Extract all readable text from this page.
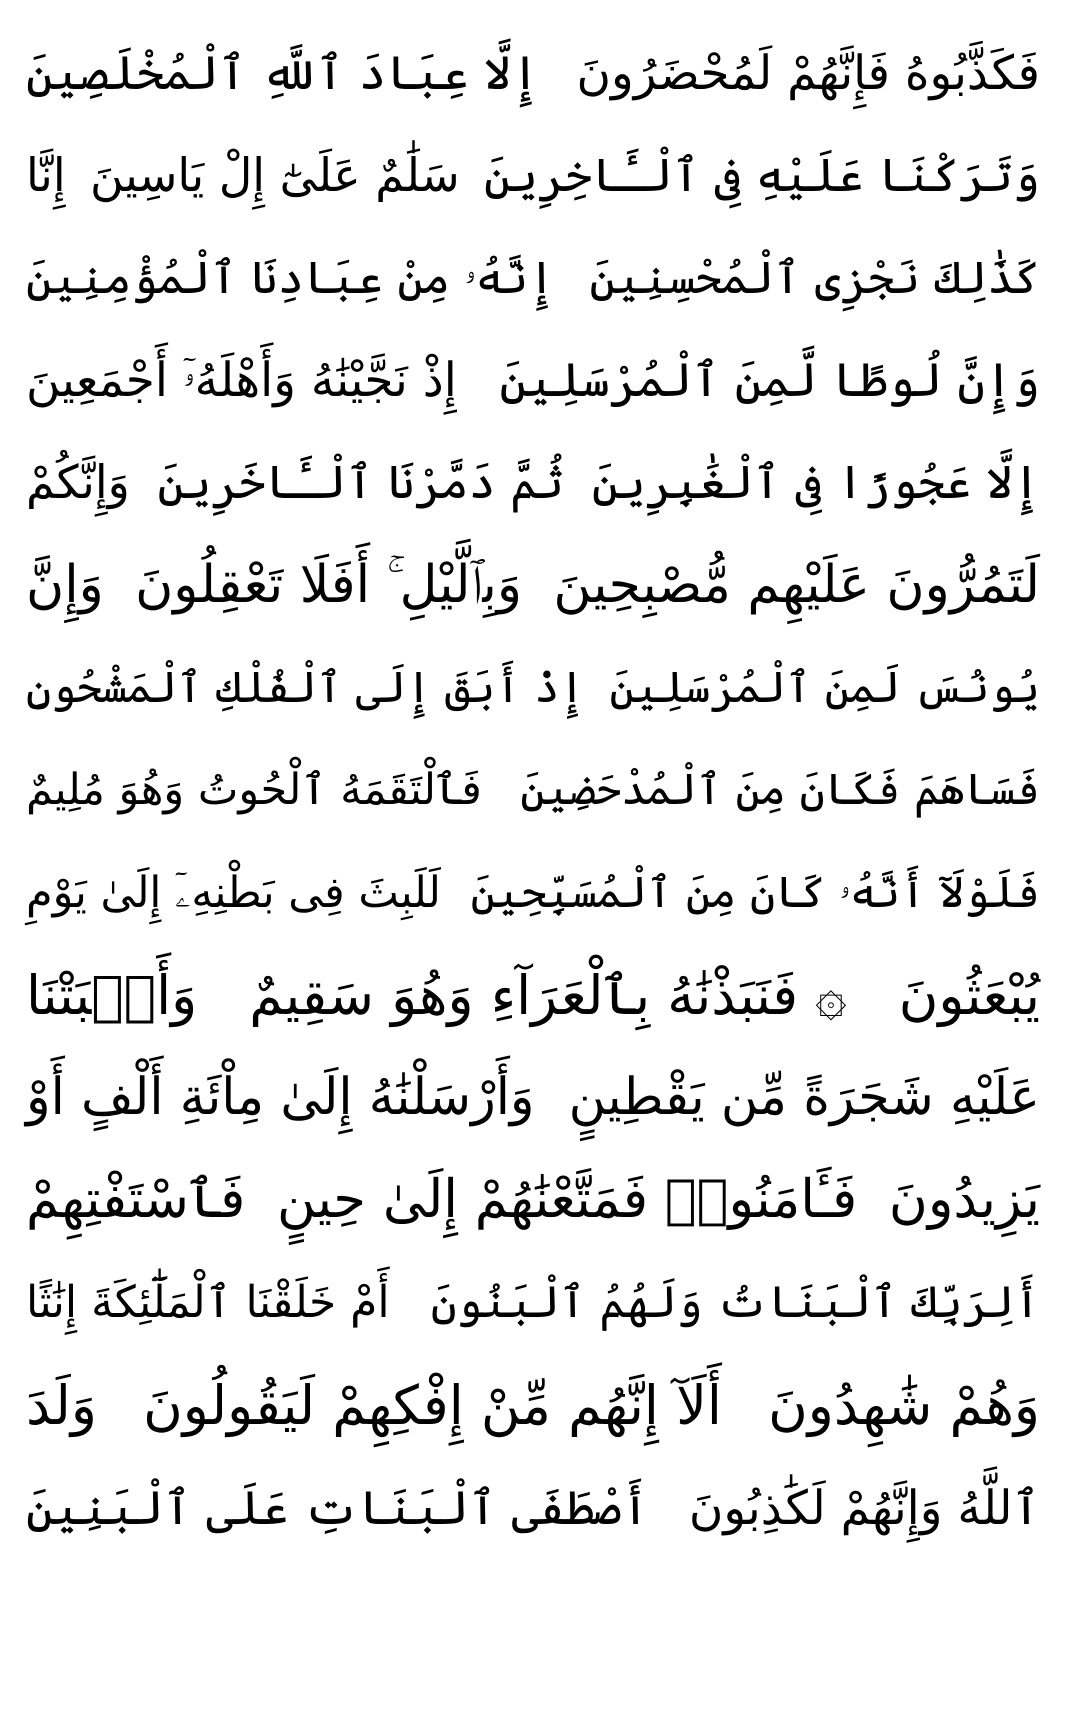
فَكَذَّبُوهُ فَإِنَّهُمْ لَمُحْضَرُونَ
إِلَّا عِبَادَ ٱللَّهِ ٱلْمُخْلَصِينَ
وَتَرَكْنَا عَلَيْهِ فِى ٱلْـَٔاخِرِينَ
سَلَٰمٌ عَلَىٰٓ إِلْ يَاسِينَ
إِنَّا
كَذَٰلِكَ نَجْزِى ٱلْمُحْسِنِينَ
إِنَّهُۥ مِنْ عِبَادِنَا ٱلْمُؤْمِنِينَ
وَإِنَّ لُوطًا لَّمِنَ ٱلْمُرْسَلِينَ
إِذْ نَجَّيْنَٰهُ وَأَهْلَهُۥٓ أَجْمَعِينَ
إِلَّا عَجُوزًا فِى ٱلْغَٰبِرِينَ
ثُمَّ دَمَّرْنَا ٱلْـَٔاخَرِينَ
وَإِنَّكُمْ
لَتَمُرُّونَ عَلَيْهِم مُّصْبِحِينَ
وَبِٱلَّيْلِ ۚ أَفَلَا تَعْقِلُونَ
وَإِنَّ
يُونُسَ لَمِنَ ٱلْمُرْسَلِينَ
إِذْ أَبَقَ إِلَى ٱلْفُلْكِ ٱلْمَشْحُونِ
فَسَاهَمَ فَكَانَ مِنَ ٱلْمُدْحَضِينَ
فَٱلْتَقَمَهُ ٱلْحُوتُ وَهُوَ مُلِيمٌ
فَلَوْلَآ أَنَّهُۥ كَانَ مِنَ ٱلْمُسَبِّحِينَ
لَلَبِثَ فِى بَطْنِهِۦٓ إِلَىٰ يَوْمِ
يُبْعَثُونَ
۞ فَنَبَذْنَٰهُ بِٱلْعَرَآءِ وَهُوَ سَقِيمٌ
وَأَنۢبَتْنَا
عَلَيْهِ شَجَرَةً مِّن يَقْطِينٍ
وَأَرْسَلْنَٰهُ إِلَىٰ مِاْئَةِ أَلْفٍ أَوْ
يَزِيدُونَ
فَـَٔامَنُوا۟ فَمَتَّعْنَٰهُمْ إِلَىٰ حِينٍ
فَٱسْتَفْتِهِمْ
أَلِرَبِّكَ ٱلْبَنَاتُ وَلَهُمُ ٱلْبَنُونَ
أَمْ خَلَقْنَا ٱلْمَلَٰٓئِكَةَ إِنَٰثًا
وَهُمْ شَٰهِدُونَ
أَلَآ إِنَّهُم مِّنْ إِفْكِهِمْ لَيَقُولُونَ
وَلَدَ
ٱللَّهُ وَإِنَّهُمْ لَكَٰذِبُونَ
أَصْطَفَى ٱلْبَنَاتِ عَلَى ٱلْبَنِينَ
